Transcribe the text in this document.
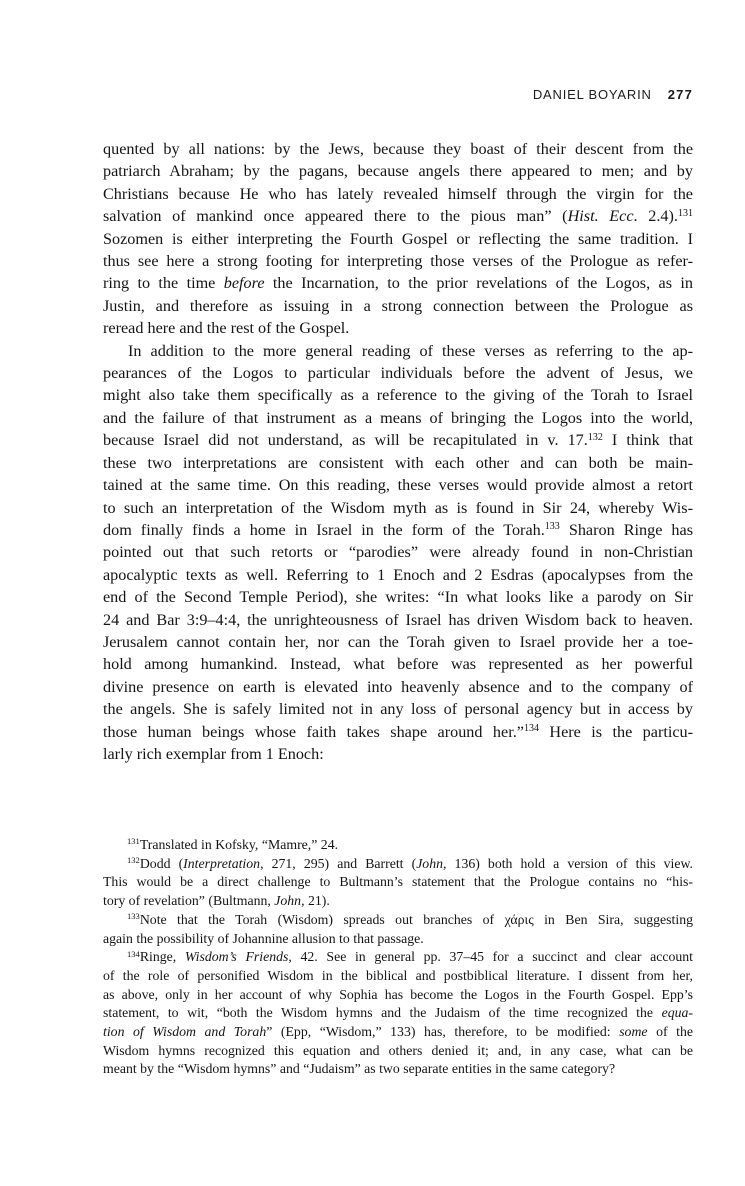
DANIEL BOYARIN 277
quented by all nations: by the Jews, because they boast of their descent from the
patriarch Abraham; by the pagans, because angels there appeared to men; and by
Christians because He who has lately revealed himself through the virgin for the
salvation of mankind once appeared there to the pious man” (Hist. Ecc. 2.4).$^{131}$
Sozomen is either interpreting the Fourth Gospel or reflecting the same tradition. I
thus see here a strong footing for interpreting those verses of the Prologue as refer-
ring to the time before the Incarnation, to the prior revelations of the Logos, as in
Justin, and therefore as issuing in a strong connection between the Prologue as
reread here and the rest of the Gospel.
In addition to the more general reading of these verses as referring to the ap-
pearances of the Logos to particular individuals before the advent of Jesus, we
might also take them specifically as a reference to the giving of the Torah to Israel
and the failure of that instrument as a means of bringing the Logos into the world,
because Israel did not understand, as will be recapitulated in v. 17.$^{132}$ I think that
these two interpretations are consistent with each other and can both be main-
tained at the same time. On this reading, these verses would provide almost a retort
to such an interpretation of the Wisdom myth as is found in Sir 24, whereby Wis-
dom finally finds a home in Israel in the form of the Torah.$^{133}$ Sharon Ringe has
pointed out that such retorts or “parodies” were already found in non-Christian
apocalyptic texts as well. Referring to 1 Enoch and 2 Esdras (apocalypses from the
end of the Second Temple Period), she writes: “In what looks like a parody on Sir
24 and Bar 3:9–4:4, the unrighteousness of Israel has driven Wisdom back to heaven.
Jerusalem cannot contain her, nor can the Torah given to Israel provide her a toe-
hold among humankind. Instead, what before was represented as her powerful
divine presence on earth is elevated into heavenly absence and to the company of
the angels. She is safely limited not in any loss of personal agency but in access by
those human beings whose faith takes shape around her.”$^{134}$ Here is the particu-
larly rich exemplar from 1 Enoch:
$^{131}$Translated in Kofsky, “Mamre,” 24.
$^{132}$Dodd (Interpretation, 271, 295) and Barrett (John, 136) both hold a version of this view.
This would be a direct challenge to Bultmann’s statement that the Prologue contains no “his-
tory of revelation” (Bultmann, John, 21).
$^{133}$Note that the Torah (Wisdom) spreads out branches of χάρις in Ben Sira, suggesting
again the possibility of Johannine allusion to that passage.
$^{134}$Ringe, Wisdom’s Friends, 42. See in general pp. 37–45 for a succinct and clear account
of the role of personified Wisdom in the biblical and postbiblical literature. I dissent from her,
as above, only in her account of why Sophia has become the Logos in the Fourth Gospel. Epp’s
statement, to wit, “both the Wisdom hymns and the Judaism of the time recognized the equa-
tion of Wisdom and Torah” (Epp, “Wisdom,” 133) has, therefore, to be modified: some of the
Wisdom hymns recognized this equation and others denied it; and, in any case, what can be
meant by the “Wisdom hymns” and “Judaism” as two separate entities in the same category?
